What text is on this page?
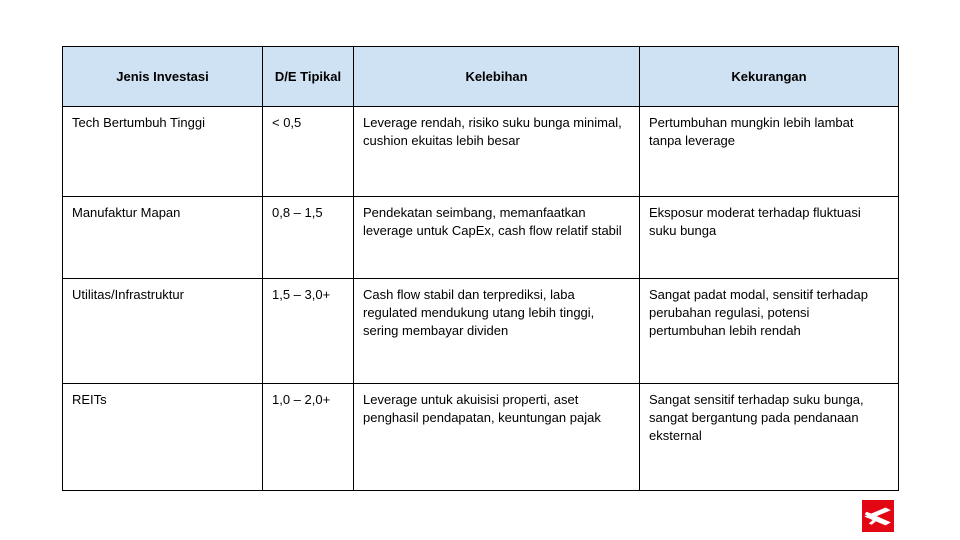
Jenis Investasi	D/E Tipikal	Kelebihan	Kekurangan
Tech Bertumbuh Tinggi	< 0,5	Leverage rendah, risiko suku bunga minimal, cushion ekuitas lebih besar	Pertumbuhan mungkin lebih lambat tanpa leverage
Manufaktur Mapan	0,8 – 1,5	Pendekatan seimbang, memanfaatkan leverage untuk CapEx, cash flow relatif stabil	Eksposur moderat terhadap fluktuasi suku bunga
Utilitas/Infrastruktur	1,5 – 3,0+	Cash flow stabil dan terprediksi, laba regulated mendukung utang lebih tinggi, sering membayar dividen	Sangat padat modal, sensitif terhadap perubahan regulasi, potensi pertumbuhan lebih rendah
REITs	1,0 – 2,0+	Leverage untuk akuisisi properti, aset penghasil pendapatan, keuntungan pajak	Sangat sensitif terhadap suku bunga, sangat bergantung pada pendanaan eksternal
